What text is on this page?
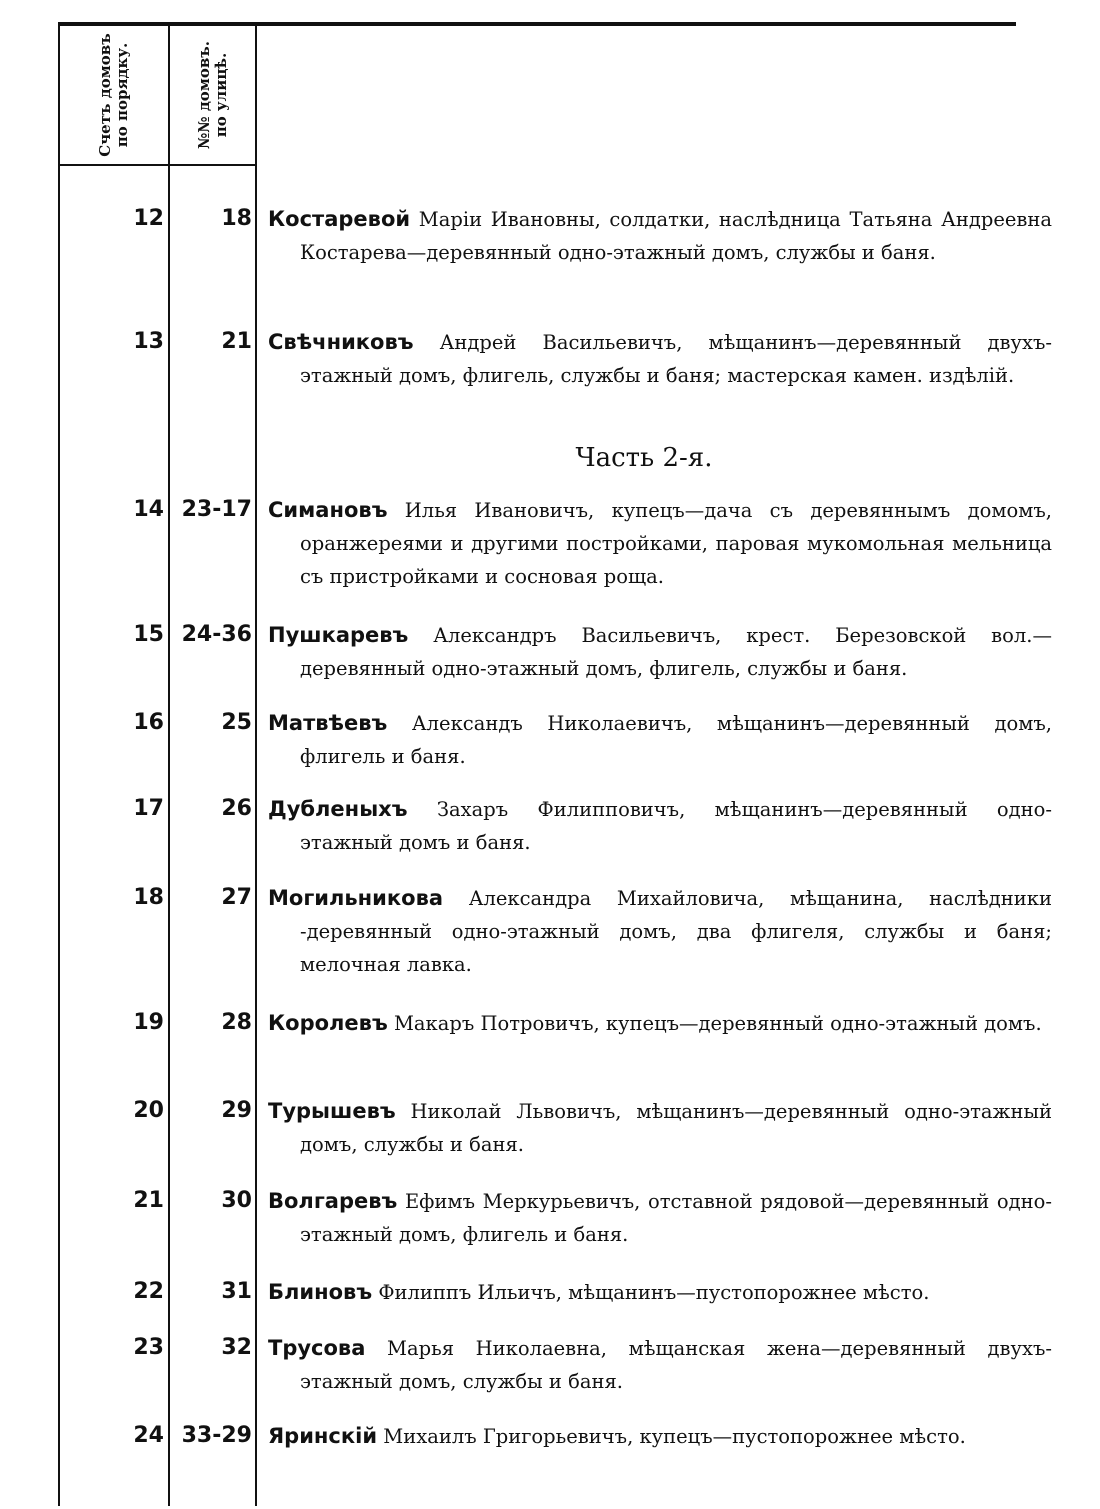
Счетъ домовъ по порядку.	№№ домовъ. по улицѣ.
Часть 2-я.
12	18 Костаревой Марiи Ивановны, солдатки, наслѣдница Татьяна Андреевна Костарева—деревянный одно-этажный домъ, службы и баня.
13	21 Свѣчниковъ Андрей Васильевичъ, мѣщанинъ—деревянный двухъ-этажный домъ, флигель, службы и баня; мастерская камен. издѣлiй.
14 23-17 Симановъ Илья Ивановичъ, купецъ—дача съ деревяннымъ домомъ, оранжереями и другими постройками, паровая мукомольная мельница съ пристройками и сосновая роща.
15 24-36 Пушкаревъ Александръ Васильевичъ, крест. Березовской вол.—деревянный одно-этажный домъ, флигель, службы и баня.
16	25 Матвѣевъ Александъ Николаевичъ, мѣщанинъ—деревянный домъ, флигель и баня.
17	26 Дубленыхъ Захаръ Филипповичъ, мѣщанинъ—деревянный одно-этажный домъ и баня.
18	27 Могильникова Александра Михайловича, мѣщанина, наслѣдники -деревянный одно-этажный домъ, два флигеля, службы и баня; мелочная лавка.
19	28 Королевъ Макаръ Потровичъ, купецъ—деревянный одно-этажный домъ.
20	29 Турышевъ Николай Львовичъ, мѣщанинъ—деревянный одно-этажный домъ, службы и баня.
21	30 Волгаревъ Ефимъ Меркурьевичъ, отставной рядовой—деревянный одно-этажный домъ, флигель и баня.
22	31 Блиновъ Филиппъ Ильичъ, мѣщанинъ—пустопорожнее мѣсто.
23	32 Трусова Марья Николаевна, мѣщанская жена—деревянный двухъ-этажный домъ, службы и баня.
24 33-29 Яринскiй Михаилъ Григорьевичъ, купецъ—пустопорожнее мѣсто.
